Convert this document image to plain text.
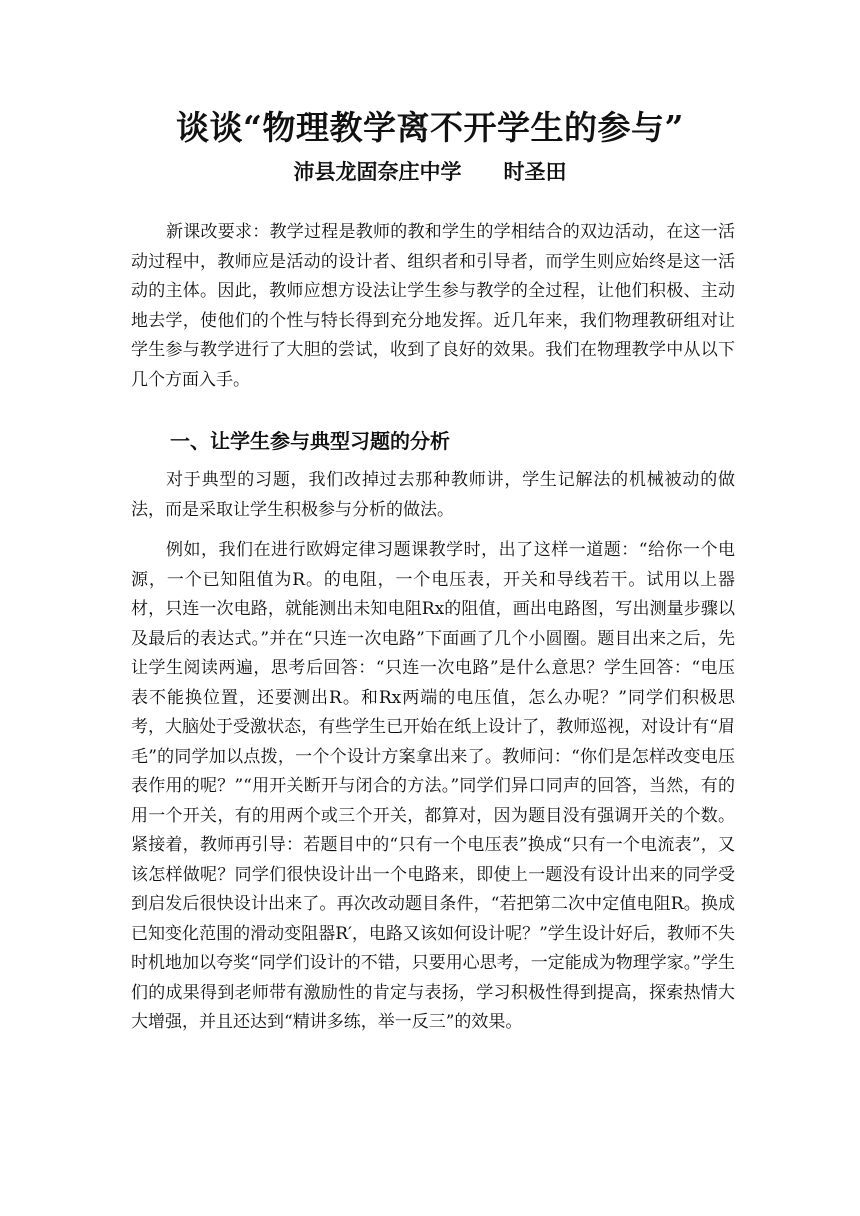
谈谈“物理教学离不开学生的参与”
沛县龙固奈庄中学　　时圣田

新课改要求：教学过程是教师的教和学生的学相结合的双边活动，在这一活动过程中，教师应是活动的设计者、组织者和引导者，而学生则应始终是这一活动的主体。因此，教师应想方设法让学生参与教学的全过程，让他们积极、主动地去学，使他们的个性与特长得到充分地发挥。近几年来，我们物理教研组对让学生参与教学进行了大胆的尝试，收到了良好的效果。我们在物理教学中从以下几个方面入手。

一、让学生参与典型习题的分析

对于典型的习题，我们改掉过去那种教师讲，学生记解法的机械被动的做法，而是采取让学生积极参与分析的做法。

例如，我们在进行欧姆定律习题课教学时，出了这样一道题：“给你一个电源，一个已知阻值为R。的电阻，一个电压表，开关和导线若干。试用以上器材，只连一次电路，就能测出未知电阻Rx的阻值，画出电路图，写出测量步骤以及最后的表达式。”并在“只连一次电路”下面画了几个小圆圈。题目出来之后，先让学生阅读两遍，思考后回答：“只连一次电路”是什么意思？学生回答：“电压表不能换位置，还要测出R。和Rx两端的电压值，怎么办呢？”同学们积极思考，大脑处于受激状态，有些学生已开始在纸上设计了，教师巡视，对设计有“眉毛”的同学加以点拨，一个个设计方案拿出来了。教师问：“你们是怎样改变电压表作用的呢？”“用开关断开与闭合的方法。”同学们异口同声的回答，当然，有的用一个开关，有的用两个或三个开关，都算对，因为题目没有强调开关的个数。紧接着，教师再引导：若题目中的“只有一个电压表”换成“只有一个电流表”，又该怎样做呢？同学们很快设计出一个电路来，即使上一题没有设计出来的同学受到启发后很快设计出来了。再次改动题目条件，“若把第二次中定值电阻R。换成已知变化范围的滑动变阻器R′，电路又该如何设计呢？”学生设计好后，教师不失时机地加以夸奖“同学们设计的不错，只要用心思考，一定能成为物理学家。”学生们的成果得到老师带有激励性的肯定与表扬，学习积极性得到提高，探索热情大大增强，并且还达到“精讲多练，举一反三”的效果。
